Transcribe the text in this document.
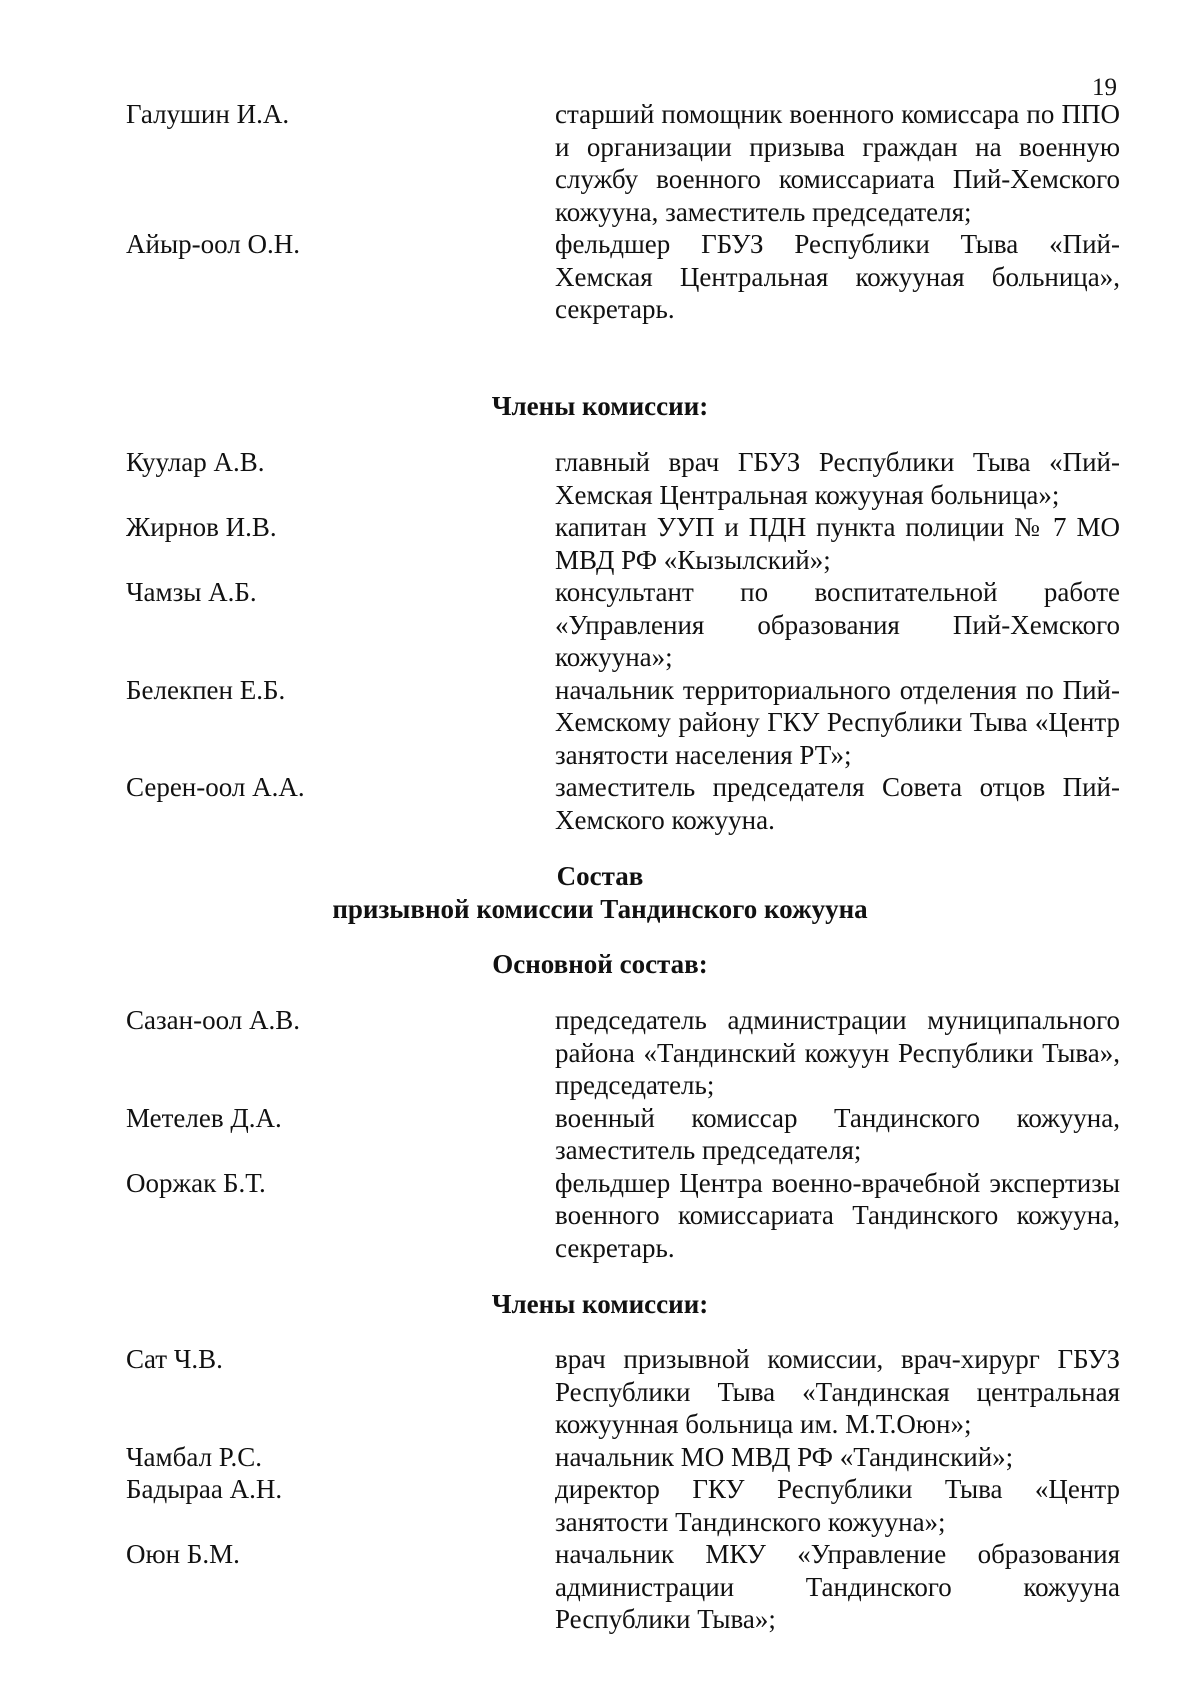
19
Галушин И.А.	старший помощник военного комиссара по ППО и организации призыва граждан на военную службу военного комиссариата Пий-Хемского кожууна, заместитель председателя;
Айыр-оол О.Н.	фельдшер ГБУЗ Республики Тыва «Пий-Хемская Центральная кожууная больница», секретарь.
Члены комиссии:
Куулар А.В.	главный врач ГБУЗ Республики Тыва «Пий-Хемская Центральная кожууная больница»;
Жирнов И.В.	капитан УУП и ПДН пункта полиции № 7 МО МВД РФ «Кызылский»;
Чамзы А.Б.	консультант по воспитательной работе «Управления образования Пий-Хемского кожууна»;
Белекпен Е.Б.	начальник территориального отделения по Пий-Хемскому району ГКУ Республики Тыва «Центр занятости населения РТ»;
Серен-оол А.А.	заместитель председателя Совета отцов Пий-Хемского кожууна.
Состав
призывной комиссии Тандинского кожууна
Основной состав:
Сазан-оол А.В.	председатель администрации муниципального района «Тандинский кожуун Республики Тыва», председатель;
Метелев Д.А.	военный комиссар Тандинского кожууна, заместитель председателя;
Ооржак Б.Т.	фельдшер Центра военно-врачебной экспертизы военного комиссариата Тандинского кожууна, секретарь.
Члены комиссии:
Сат Ч.В.	врач призывной комиссии, врач-хирург ГБУЗ Республики Тыва «Тандинская центральная кожуунная больница им. М.Т.Оюн»;
Чамбал Р.С.	начальник МО МВД РФ «Тандинский»;
Бадыраа А.Н.	директор ГКУ Республики Тыва «Центр занятости Тандинского кожууна»;
Оюн Б.М.	начальник МКУ «Управление образования администрации Тандинского кожууна Республики Тыва»;
